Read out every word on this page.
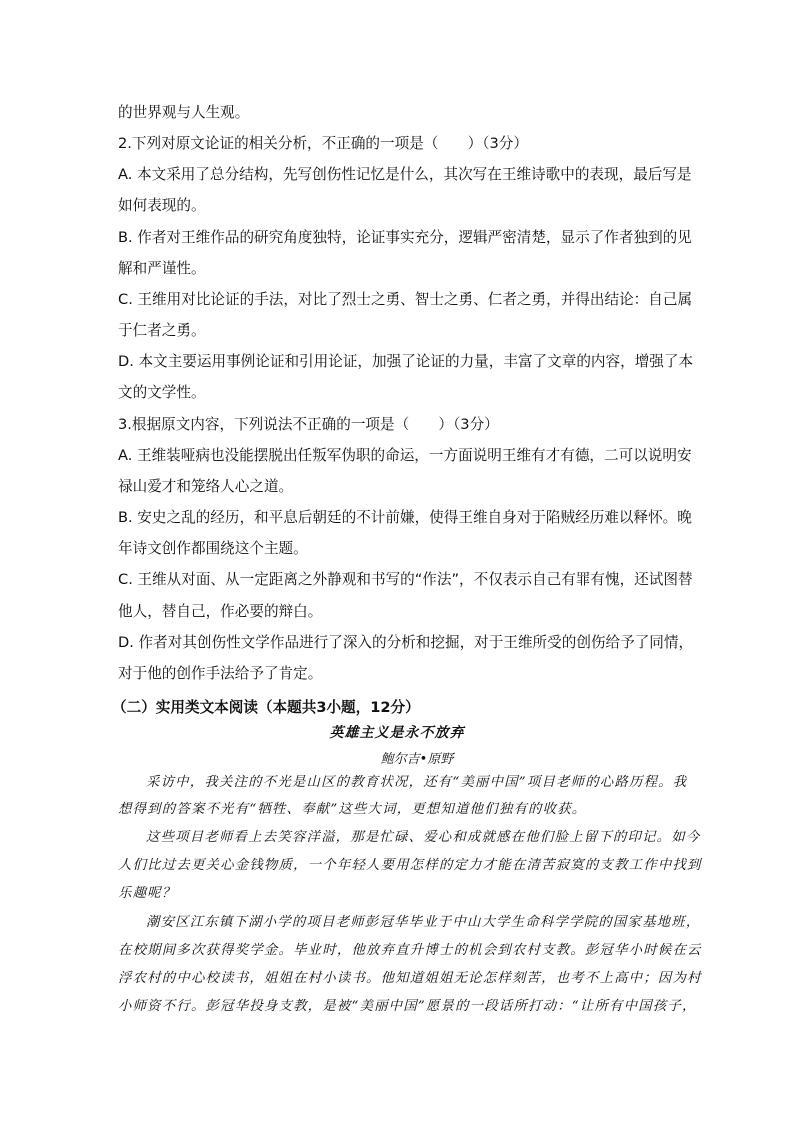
的世界观与人生观。
2.下列对原文论证的相关分析，不正确的一项是（　　）（3分）
A. 本文采用了总分结构，先写创伤性记忆是什么，其次写在王维诗歌中的表现，最后写是
如何表现的。
B. 作者对王维作品的研究角度独特，论证事实充分，逻辑严密清楚，显示了作者独到的见
解和严谨性。
C. 王维用对比论证的手法，对比了烈士之勇、智士之勇、仁者之勇，并得出结论：自己属
于仁者之勇。
D. 本文主要运用事例论证和引用论证，加强了论证的力量，丰富了文章的内容，增强了本
文的文学性。
3.根据原文内容，下列说法不正确的一项是（　　）（3分）
A. 王维装哑病也没能摆脱出任叛军伪职的命运，一方面说明王维有才有德，二可以说明安
禄山爱才和笼络人心之道。
B. 安史之乱的经历，和平息后朝廷的不计前嫌，使得王维自身对于陷贼经历难以释怀。晚
年诗文创作都围绕这个主题。
C. 王维从对面、从一定距离之外静观和书写的“作法”，不仅表示自己有罪有愧，还试图替
他人，替自己，作必要的辩白。
D. 作者对其创伤性文学作品进行了深入的分析和挖掘，对于王维所受的创伤给予了同情，
对于他的创作手法给予了肯定。
（二）实用类文本阅读（本题共3小题，12分）
英雄主义是永不放弃
鲍尔吉•原野
采访中，我关注的不光是山区的教育状况，还有“美丽中国”项目老师的心路历程。我
想得到的答案不光有“牺牲、奉献”这些大词，更想知道他们独有的收获。
这些项目老师看上去笑容洋溢，那是忙碌、爱心和成就感在他们脸上留下的印记。如今
人们比过去更关心金钱物质，一个年轻人要用怎样的定力才能在清苦寂寞的支教工作中找到
乐趣呢？
潮安区江东镇下湖小学的项目老师彭冠华毕业于中山大学生命科学学院的国家基地班，
在校期间多次获得奖学金。毕业时，他放弃直升博士的机会到农村支教。彭冠华小时候在云
浮农村的中心校读书，姐姐在村小读书。他知道姐姐无论怎样刻苦，也考不上高中；因为村
小师资不行。彭冠华投身支教，是被“美丽中国”愿景的一段话所打动：“让所有中国孩子，
